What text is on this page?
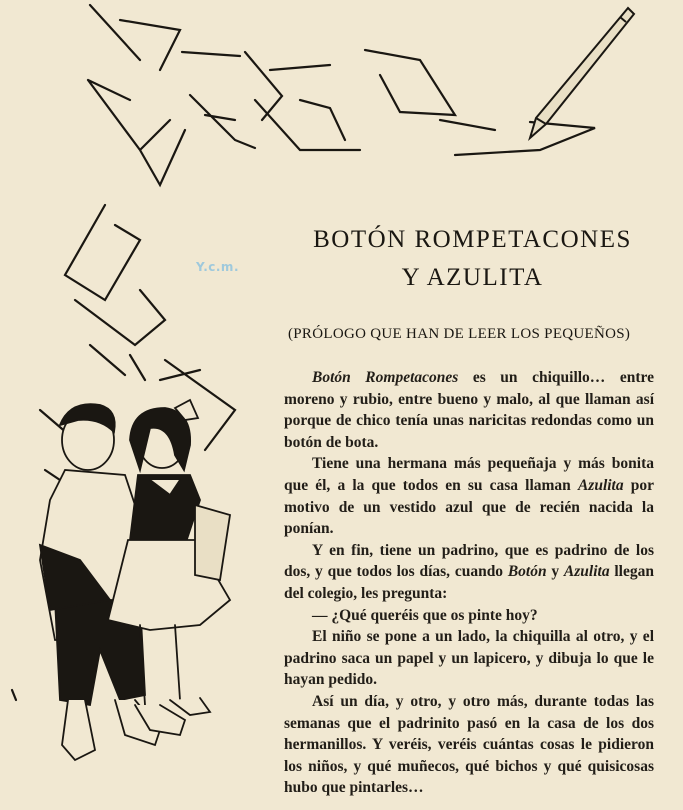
Y.c.m.
BOTÓN ROMPETACONES
Y AZULITA
(PRÓLOGO QUE HAN DE LEER LOS PEQUEÑOS)

Botón Rompetacones es un chiquillo… entre moreno y rubio, entre bueno y malo, al que llaman así porque de chico tenía unas naricitas redondas como un botón de bota.

Tiene una hermana más pequeñaja y más bonita que él, a la que todos en su casa llaman Azulita por motivo de un vestido azul que de recién nacida la ponían.

Y en fin, tiene un padrino, que es padrino de los dos, y que todos los días, cuando Botón y Azulita llegan del colegio, les pregunta:

— ¿Qué queréis que os pinte hoy?

El niño se pone a un lado, la chiquilla al otro, y el padrino saca un papel y un lapicero, y dibuja lo que le hayan pedido.

Así un día, y otro, y otro más, durante todas las semanas que el padrinito pasó en la casa de los dos hermanillos. Y veréis, veréis cuántas cosas le pidieron los niños, y qué muñecos, qué bichos y qué quisicosas hubo que pintarles…
